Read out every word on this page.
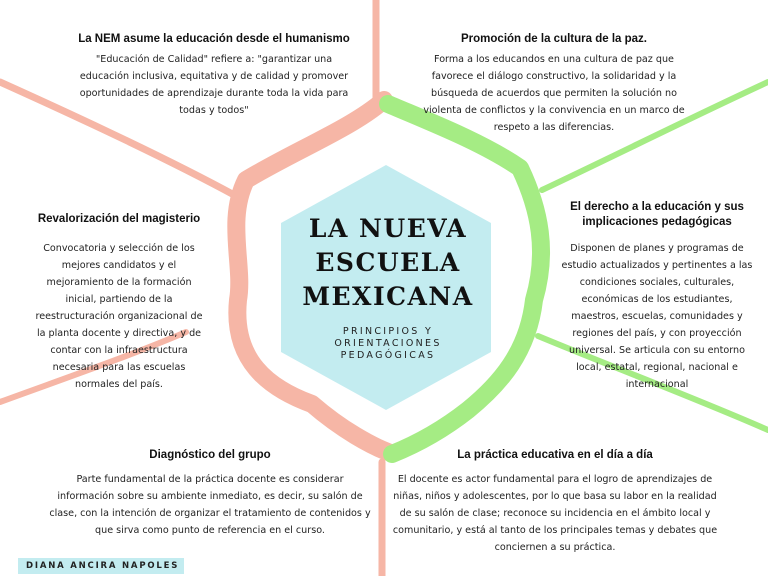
LA NUEVA
ESCUELA
MEXICANA
PRINCIPIOS Y
ORIENTACIONES
PEDAGÓGICAS

La NEM asume la educación desde el humanismo

"Educación de Calidad" refiere a: "garantizar una educación inclusiva, equitativa y de calidad y promover oportunidades de aprendizaje durante toda la vida para todas y todos"

Promoción de la cultura de la paz.

Forma a los educandos en una cultura de paz que favorece el diálogo constructivo, la solidaridad y la búsqueda de acuerdos que permiten la solución no violenta de conflictos y la convivencia en un marco de respeto a las diferencias.

Revalorización del magisterio

Convocatoria y selección de los mejores candidatos y el mejoramiento de la formación inicial, partiendo de la reestructuración organizacional de la planta docente y directiva, y de contar con la infraestructura necesaria para las escuelas normales del país.

El derecho a la educación y sus implicaciones pedagógicas

Disponen de planes y programas de estudio actualizados y pertinentes a las condiciones sociales, culturales, económicas de los estudiantes, maestros, escuelas, comunidades y regiones del país, y con proyección universal. Se articula con su entorno local, estatal, regional, nacional e internacional

Diagnóstico del grupo

Parte fundamental de la práctica docente es considerar información sobre su ambiente inmediato, es decir, su salón de clase, con la intención de organizar el tratamiento de contenidos y que sirva como punto de referencia en el curso.

La práctica educativa en el día a día

El docente es actor fundamental para el logro de aprendizajes de niñas, niños y adolescentes, por lo que basa su labor en la realidad de su salón de clase; reconoce su incidencia en el ámbito local y comunitario, y está al tanto de los principales temas y debates que conciernen a su práctica.

DIANA ANCIRA NAPOLES
